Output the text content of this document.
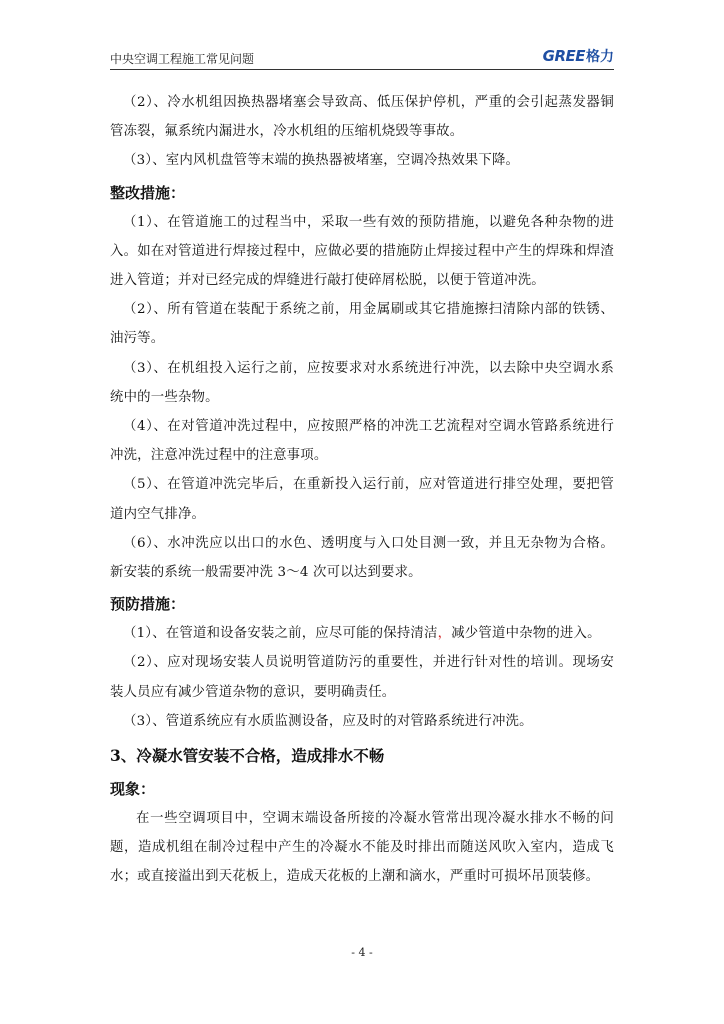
中央空调工程施工常见问题	GREE 格力

（2）、冷水机组因换热器堵塞会导致高、低压保护停机，严重的会引起蒸发器铜管冻裂，氟系统内漏进水，冷水机组的压缩机烧毁等事故。

（3）、室内风机盘管等末端的换热器被堵塞，空调冷热效果下降。

整改措施：

（1）、在管道施工的过程当中，采取一些有效的预防措施，以避免各种杂物的进入。如在对管道进行焊接过程中，应做必要的措施防止焊接过程中产生的焊珠和焊渣进入管道；并对已经完成的焊缝进行敲打使碎屑松脱，以便于管道冲洗。

（2）、所有管道在装配于系统之前，用金属刷或其它措施擦扫清除内部的铁锈、油污等。

（3）、在机组投入运行之前，应按要求对水系统进行冲洗，以去除中央空调水系统中的一些杂物。

（4）、在对管道冲洗过程中，应按照严格的冲洗工艺流程对空调水管路系统进行冲洗，注意冲洗过程中的注意事项。

（5）、在管道冲洗完毕后，在重新投入运行前，应对管道进行排空处理，要把管道内空气排净。

（6）、水冲洗应以出口的水色、透明度与入口处目测一致，并且无杂物为合格。新安装的系统一般需要冲洗 3～4 次可以达到要求。

预防措施：

（1）、在管道和设备安装之前，应尽可能的保持清洁，减少管道中杂物的进入。

（2）、应对现场安装人员说明管道防污的重要性，并进行针对性的培训。现场安装人员应有减少管道杂物的意识，要明确责任。

（3）、管道系统应有水质监测设备，应及时的对管路系统进行冲洗。

3、冷凝水管安装不合格，造成排水不畅
现象：

在一些空调项目中，空调末端设备所接的冷凝水管常出现冷凝水排水不畅的问题，造成机组在制冷过程中产生的冷凝水不能及时排出而随送风吹入室内，造成飞水；或直接溢出到天花板上，造成天花板的上潮和滴水，严重时可损坏吊顶装修。

- 4 -
